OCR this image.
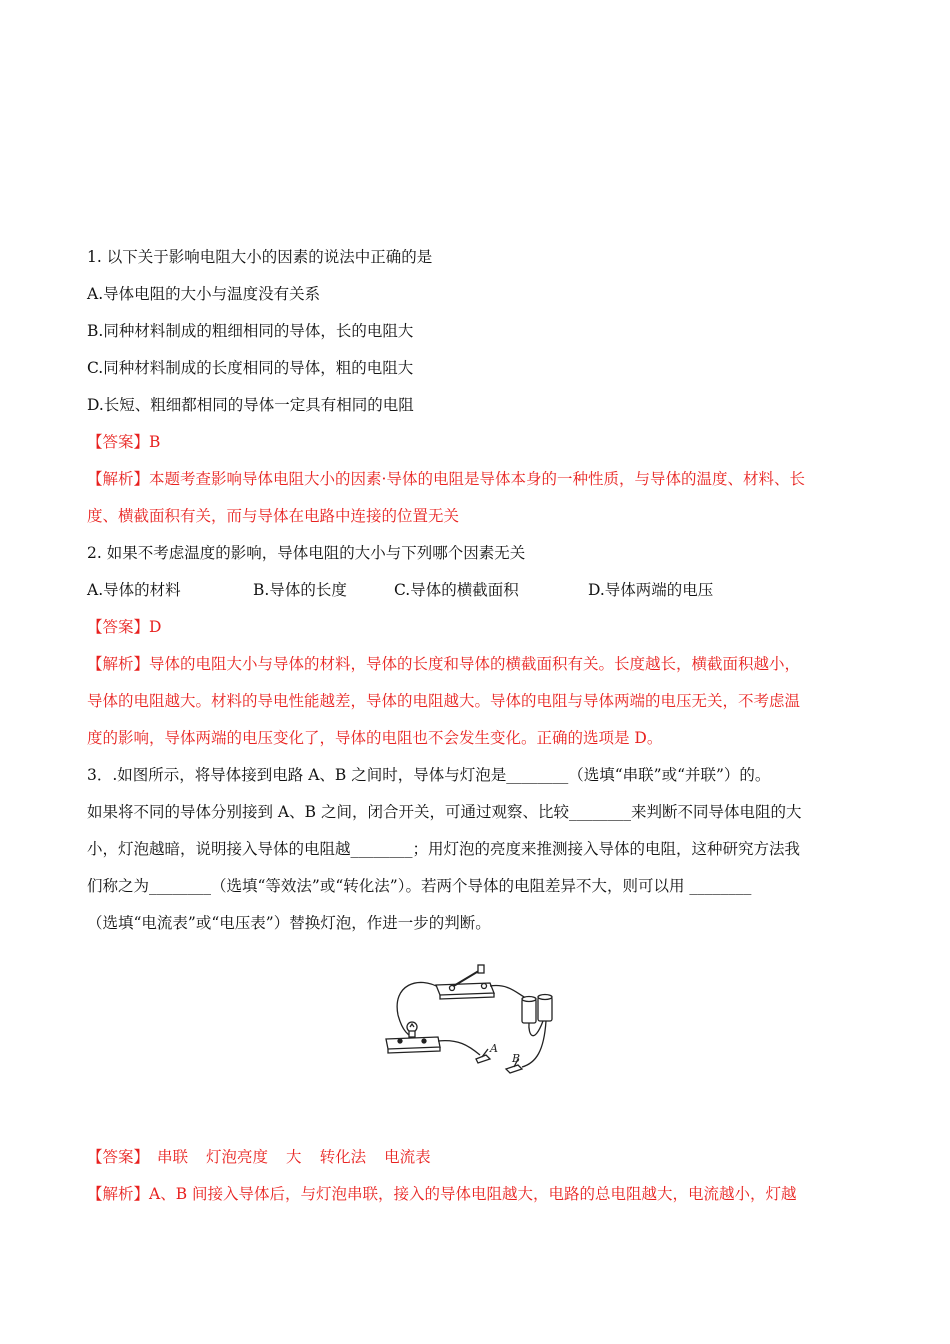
1. 以下关于影响电阻大小的因素的说法中正确的是
A.导体电阻的大小与温度没有关系
B.同种材料制成的粗细相同的导体，长的电阻大
C.同种材料制成的长度相同的导体，粗的电阻大
D.长短、粗细都相同的导体一定具有相同的电阻
【答案】B
【解析】本题考查影响导体电阻大小的因素·导体的电阻是导体本身的一种性质，与导体的温度、材料、长
度、横截面积有关，而与导体在电路中连接的位置无关
2. 如果不考虑温度的影响，导体电阻的大小与下列哪个因素无关
A.导体的材料	B.导体的长度	C.导体的横截面积	D.导体两端的电压
【答案】D
【解析】导体的电阻大小与导体的材料，导体的长度和导体的横截面积有关。长度越长，横截面积越小，
导体的电阻越大。材料的导电性能越差，导体的电阻越大。导体的电阻与导体两端的电压无关，不考虑温
度的影响，导体两端的电压变化了，导体的电阻也不会发生变化。正确的选项是 D。
3．.如图所示，将导体接到电路 A、B 之间时，导体与灯泡是________（选填“串联”或“并联”）的。
如果将不同的导体分别接到 A、B 之间，闭合开关，可通过观察、比较________来判断不同导体电阻的大
小，灯泡越暗，说明接入导体的电阻越________；用灯泡的亮度来推测接入导体的电阻，这种研究方法我
们称之为________（选填“等效法”或“转化法”）。若两个导体的电阻差异不大，则可以用 ________
（选填“电流表”或“电压表”）替换灯泡，作进一步的判断。
A
B
【答案】 串联 灯泡亮度 大 转化法 电流表
【解析】A、B 间接入导体后，与灯泡串联，接入的导体电阻越大，电路的总电阻越大，电流越小，灯越
